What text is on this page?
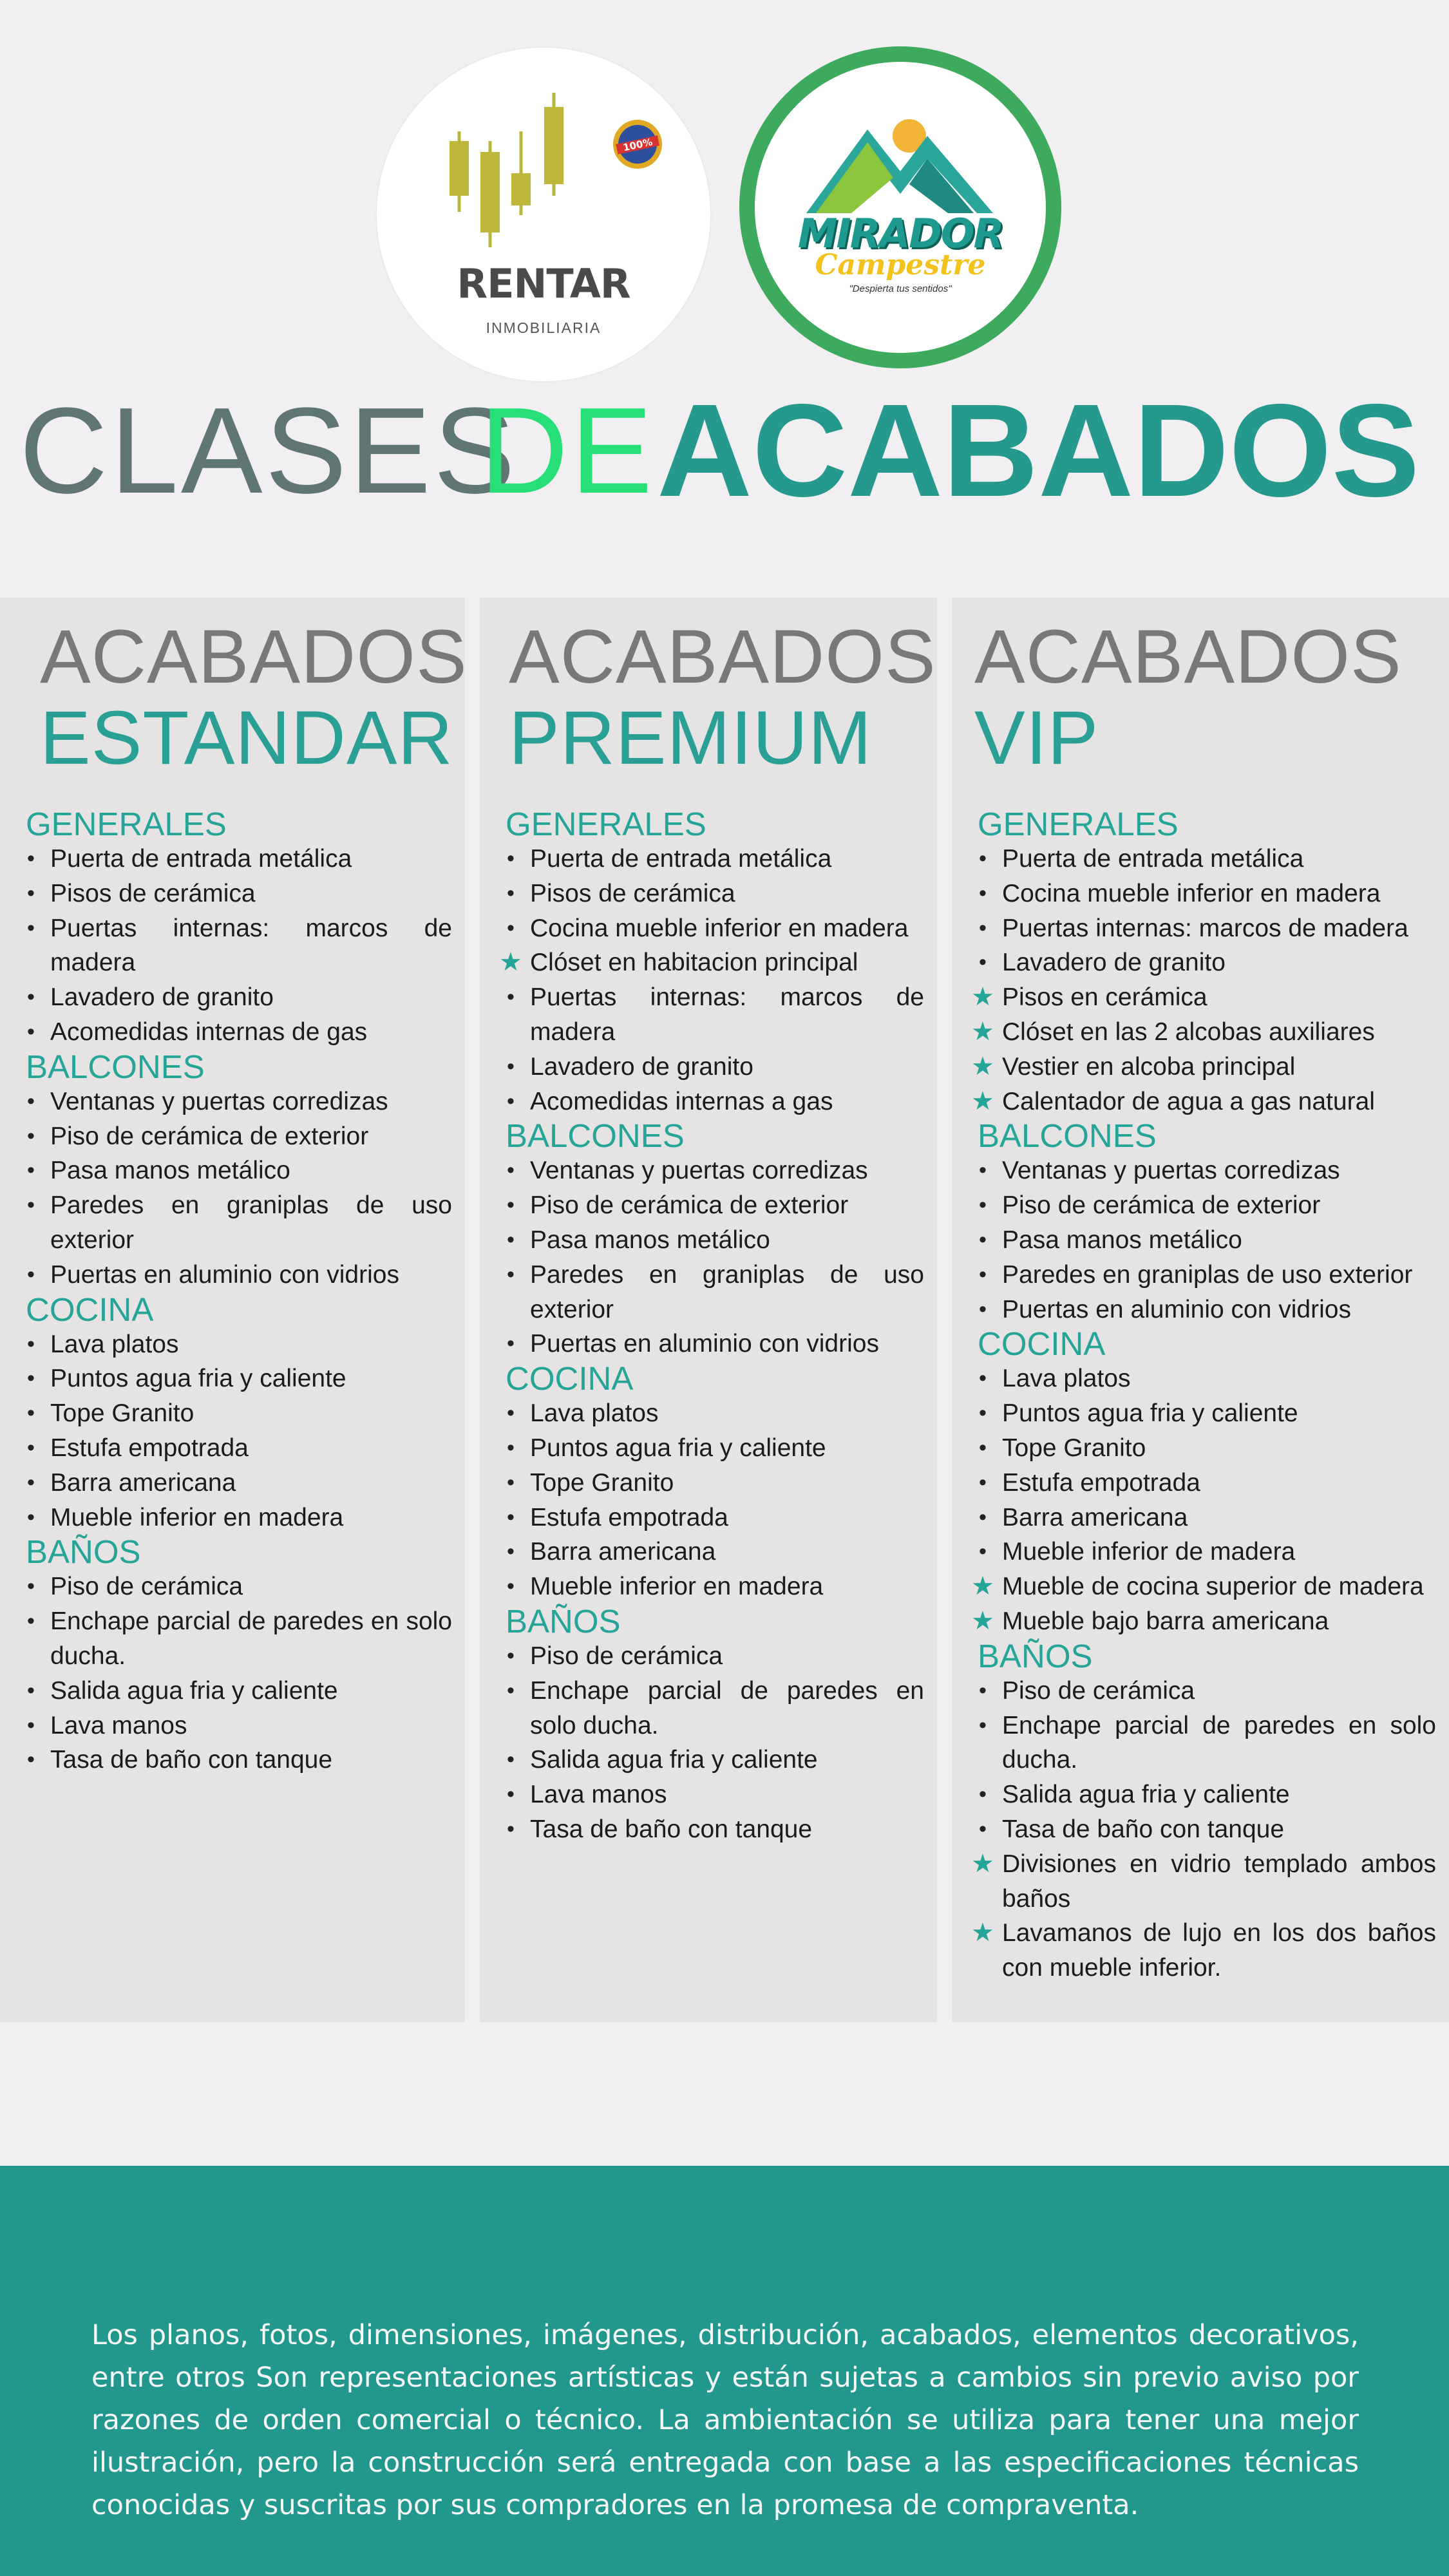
100%
RENTAR
INMOBILIARIA
MIRADOR
Campestre
"Despierta tus sentidos"
CLASES
DE ACABADOS
ACABADOS
ESTANDAR
GENERALES
• Puerta de entrada metálica
• Pisos de cerámica
• Puertas internas: marcos de madera
• Lavadero de granito
• Acomedidas internas de gas
BALCONES
• Ventanas y puertas corredizas
• Piso de cerámica de exterior
• Pasa manos metálico
• Paredes en graniplas de uso exterior
• Puertas en aluminio con vidrios
COCINA
• Lava platos
• Puntos agua fria y caliente
• Tope Granito
• Estufa empotrada
• Barra americana
• Mueble inferior en madera
BAÑOS
• Piso de cerámica
• Enchape parcial de paredes en solo ducha.
• Salida agua fria y caliente
• Lava manos
• Tasa de baño con tanque
ACABADOS
PREMIUM
GENERALES
• Puerta de entrada metálica
• Pisos de cerámica
• Cocina mueble inferior en madera
★ Clóset en habitacion principal
• Puertas internas: marcos de madera
• Lavadero de granito
• Acomedidas internas a gas
BALCONES
• Ventanas y puertas corredizas
• Piso de cerámica de exterior
• Pasa manos metálico
• Paredes en graniplas de uso exterior
• Puertas en aluminio con vidrios
COCINA
• Lava platos
• Puntos agua fria y caliente
• Tope Granito
• Estufa empotrada
• Barra americana
• Mueble inferior en madera
BAÑOS
• Piso de cerámica
• Enchape parcial de paredes en solo ducha.
• Salida agua fria y caliente
• Lava manos
• Tasa de baño con tanque
ACABADOS
VIP
GENERALES
• Puerta de entrada metálica
• Cocina mueble inferior en madera
• Puertas internas: marcos de madera
• Lavadero de granito
★ Pisos en cerámica
★ Clóset en las 2 alcobas auxiliares
★ Vestier en alcoba principal
★ Calentador de agua a gas natural
BALCONES
• Ventanas y puertas corredizas
• Piso de cerámica de exterior
• Pasa manos metálico
• Paredes en graniplas de uso exterior
• Puertas en aluminio con vidrios
COCINA
• Lava platos
• Puntos agua fria y caliente
• Tope Granito
• Estufa empotrada
• Barra americana
• Mueble inferior de madera
★ Mueble de cocina superior de madera
★ Mueble bajo barra americana
BAÑOS
• Piso de cerámica
• Enchape parcial de paredes en solo ducha.
• Salida agua fria y caliente
• Tasa de baño con tanque
★ Divisiones en vidrio templado ambos baños
★ Lavamanos de lujo en los dos baños con mueble inferior.
Los planos, fotos, dimensiones, imágenes, distribución, acabados, elementos decorativos, entre otros Son representaciones artísticas y están sujetas a cambios sin previo aviso por razones de orden comercial o técnico. La ambientación se utiliza para tener una mejor ilustración, pero la construcción será entregada con base a las especificaciones técnicas conocidas y suscritas por sus compradores en la promesa de compraventa.
